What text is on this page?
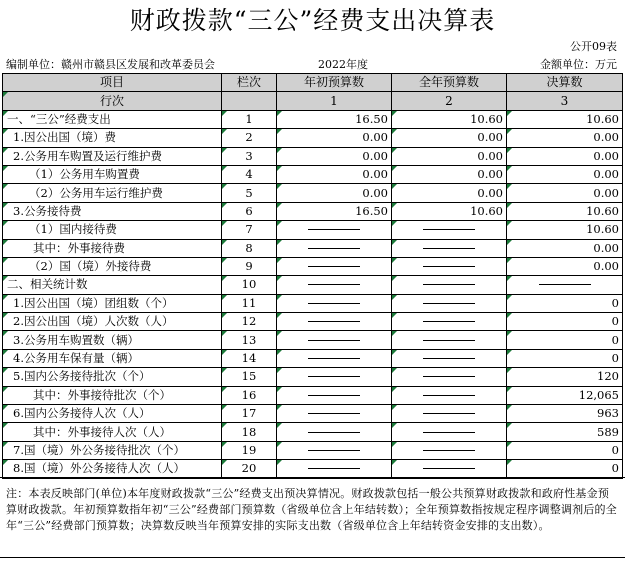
财政拨款“三公”经费支出决算表
公开09表
编制单位：赣州市赣县区发展和改革委员会	2022年度	金额单位：万元
项目	栏次	年初预算数	全年预算数	决算数
行次		1	2	3
一、“三公”经费支出	1	16.50	10.60	10.60
1.因公出国（境）费	2	0.00	0.00	0.00
2.公务用车购置及运行维护费	3	0.00	0.00	0.00
（1）公务用车购置费	4	0.00	0.00	0.00
（2）公务用车运行维护费	5	0.00	0.00	0.00
3.公务接待费	6	16.50	10.60	10.60
（1）国内接待费	7			10.60
其中：外事接待费	8			0.00
（2）国（境）外接待费	9			0.00
二、相关统计数	10	

1.因公出国（境）团组数（个）	11			0
2.因公出国（境）人次数（人）	12			0
3.公务用车购置数（辆）	13			0
4.公务用车保有量（辆）	14			0
5.国内公务接待批次（个）	15			120
其中：外事接待批次（个）	16			12,065
6.国内公务接待人次（人）	17			963
其中：外事接待人次（人）	18			589
7.国（境）外公务接待批次（个）	19			0
8.国（境）外公务接待人次（人）	20			0
注：本表反映部门(单位)本年度财政拨款“三公”经费支出预决算情况。财政拨款包括一般公共预算财政拨款和政府性基金预算财政拨款。年初预算数指年初“三公”经费部门预算数（省级单位含上年结转数）；全年预算数指按规定程序调整调剂后的全年“三公”经费部门预算数；决算数反映当年预算安排的实际支出数（省级单位含上年结转资金安排的支出数）。
